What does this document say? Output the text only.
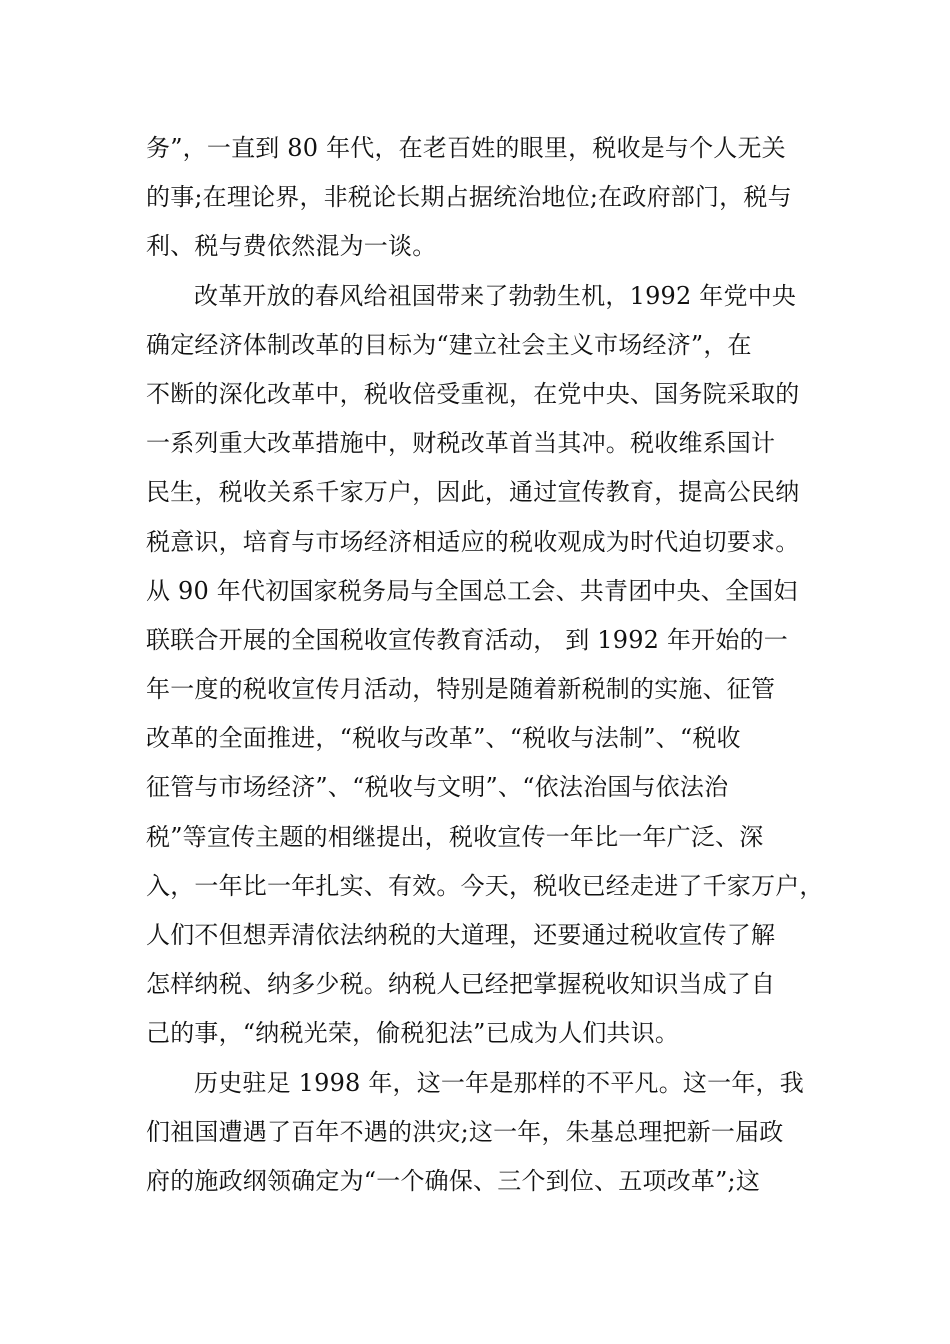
务”，一直到 80 年代，在老百姓的眼里，税收是与个人无关
的事;在理论界，非税论长期占据统治地位;在政府部门，税与
利、税与费依然混为一谈。
改革开放的春风给祖国带来了勃勃生机，1992 年党中央
确定经济体制改革的目标为“建立社会主义市场经济”，在
不断的深化改革中，税收倍受重视，在党中央、国务院采取的
一系列重大改革措施中，财税改革首当其冲。税收维系国计
民生，税收关系千家万户，因此，通过宣传教育，提高公民纳
税意识，培育与市场经济相适应的税收观成为时代迫切要求。
从 90 年代初国家税务局与全国总工会、共青团中央、全国妇
联联合开展的全国税收宣传教育活动， 到 1992 年开始的一
年一度的税收宣传月活动，特别是随着新税制的实施、征管
改革的全面推进，“税收与改革”、“税收与法制”、“税收
征管与市场经济”、“税收与文明”、“依法治国与依法治
税”等宣传主题的相继提出，税收宣传一年比一年广泛、深
入，一年比一年扎实、有效。今天，税收已经走进了千家万户，
人们不但想弄清依法纳税的大道理，还要通过税收宣传了解
怎样纳税、纳多少税。纳税人已经把掌握税收知识当成了自
己的事，“纳税光荣，偷税犯法”已成为人们共识。
历史驻足 1998 年，这一年是那样的不平凡。这一年，我
们祖国遭遇了百年不遇的洪灾;这一年，朱基总理把新一届政
府的施政纲领确定为“一个确保、三个到位、五项改革”;这
